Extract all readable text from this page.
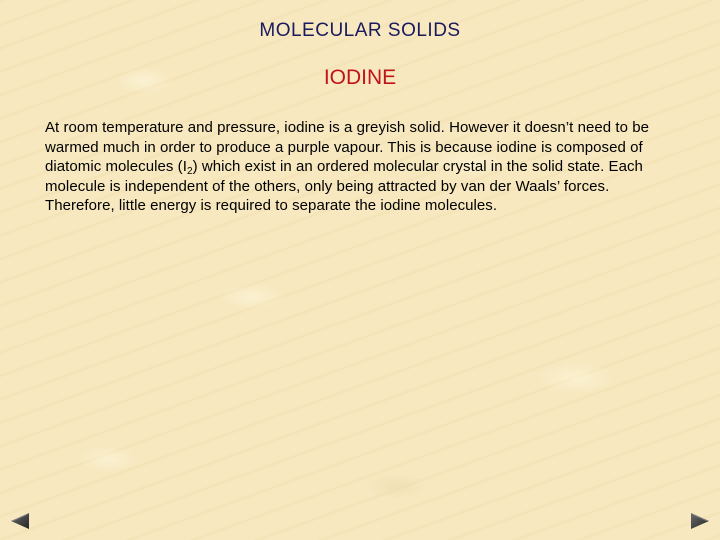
MOLECULAR SOLIDS
IODINE

At room temperature and pressure, iodine is a greyish solid. However it doesn’t need to be warmed much in order to produce a purple vapour. This is because iodine is composed of diatomic molecules $(I_2)$ which exist in an ordered molecular crystal in the solid state. Each molecule is independent of the others, only being attracted by van der Waals’ forces. Therefore, little energy is required to separate the iodine molecules.
